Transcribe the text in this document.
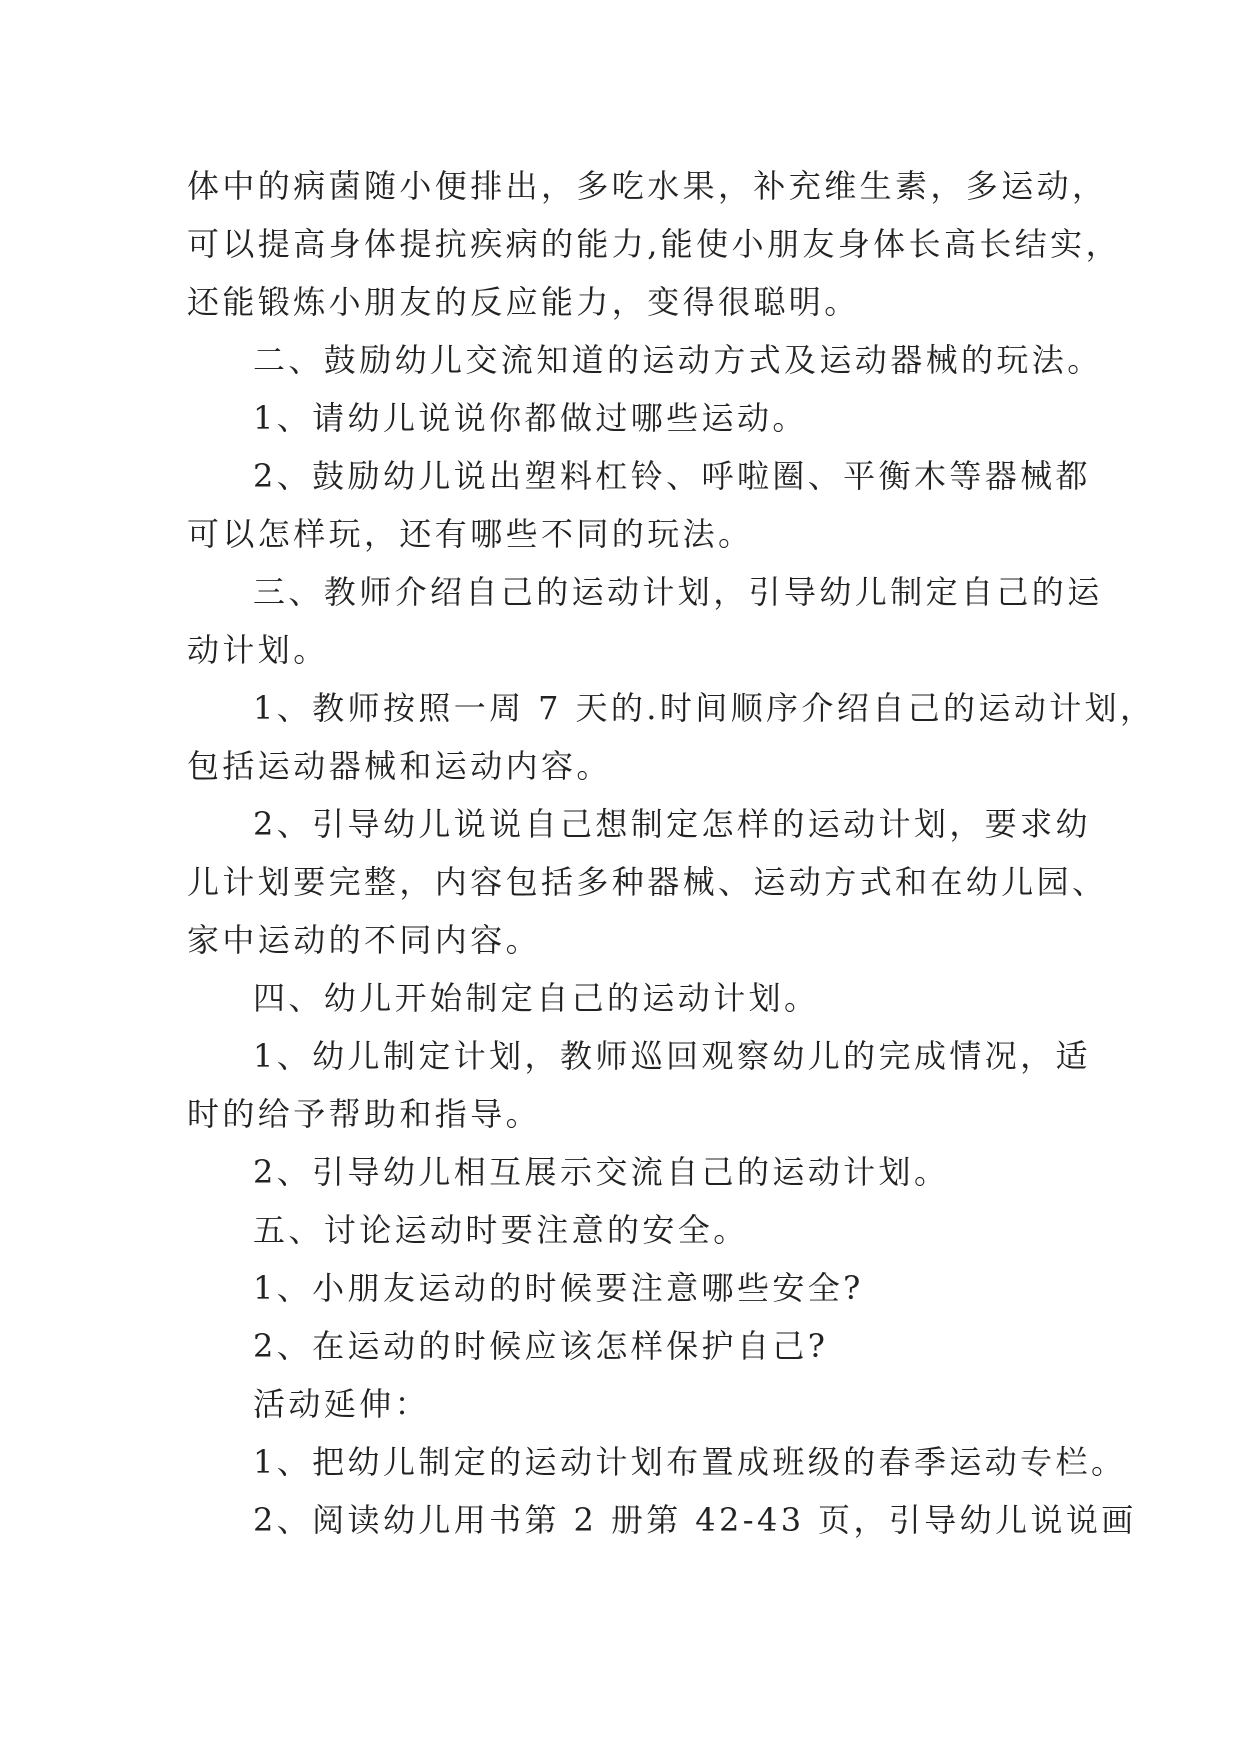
体中的病菌随小便排出，多吃水果，补充维生素，多运动，
可以提高身体提抗疾病的能力,能使小朋友身体长高长结实，
还能锻炼小朋友的反应能力，变得很聪明。
二、鼓励幼儿交流知道的运动方式及运动器械的玩法。
1、请幼儿说说你都做过哪些运动。
2、鼓励幼儿说出塑料杠铃、呼啦圈、平衡木等器械都
可以怎样玩，还有哪些不同的玩法。
三、教师介绍自己的运动计划，引导幼儿制定自己的运
动计划。
1、教师按照一周 7 天的.时间顺序介绍自己的运动计划，
包括运动器械和运动内容。
2、引导幼儿说说自己想制定怎样的运动计划，要求幼
儿计划要完整，内容包括多种器械、运动方式和在幼儿园、
家中运动的不同内容。
四、幼儿开始制定自己的运动计划。
1、幼儿制定计划，教师巡回观察幼儿的完成情况，适
时的给予帮助和指导。
2、引导幼儿相互展示交流自己的运动计划。
五、讨论运动时要注意的安全。
1、小朋友运动的时候要注意哪些安全?
2、在运动的时候应该怎样保护自己?
活动延伸：
1、把幼儿制定的运动计划布置成班级的春季运动专栏。
2、阅读幼儿用书第 2 册第 42-43 页，引导幼儿说说画
